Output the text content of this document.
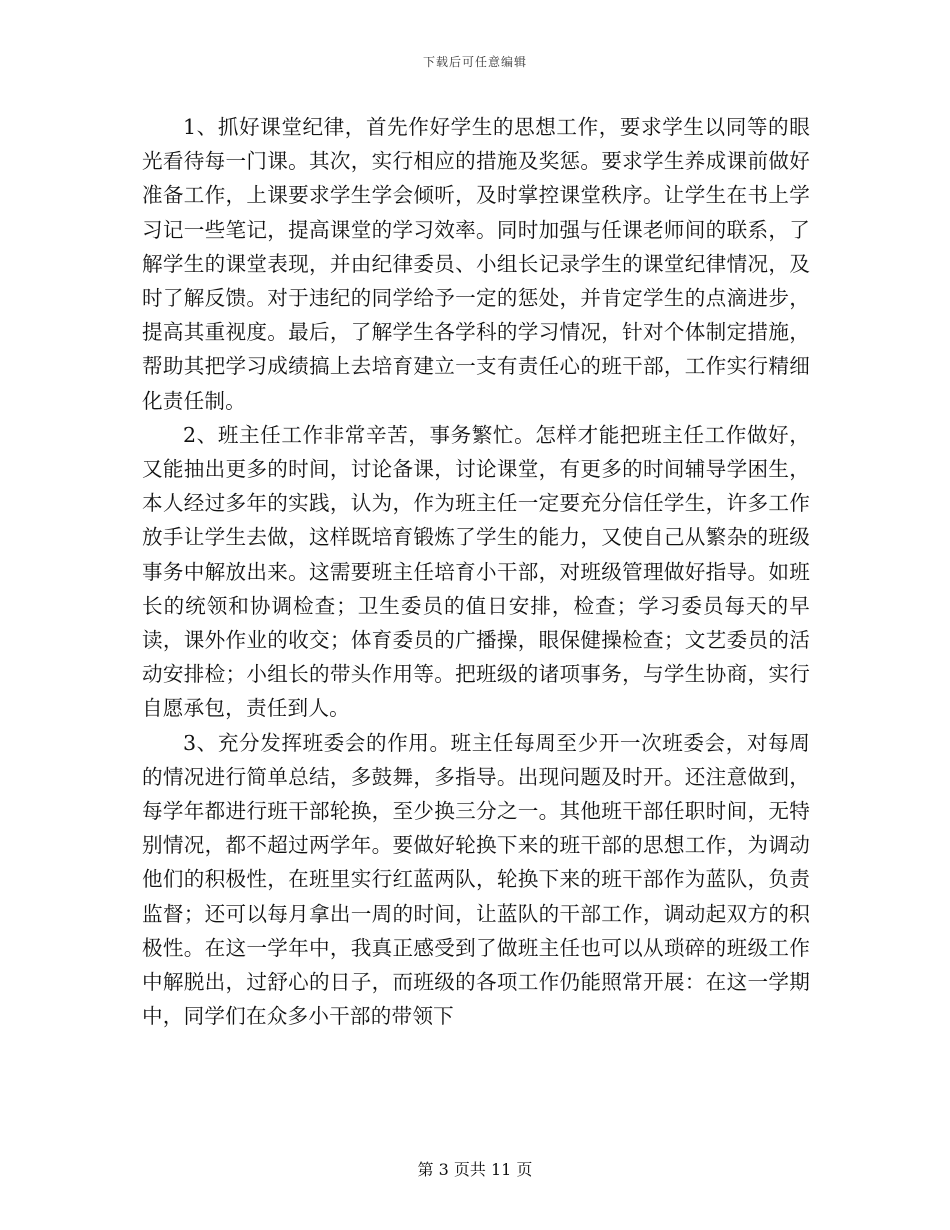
下载后可任意编辑

1、抓好课堂纪律，首先作好学生的思想工作，要求学生以同等的眼光看待每一门课。其次，实行相应的措施及奖惩。要求学生养成课前做好准备工作，上课要求学生学会倾听，及时掌控课堂秩序。让学生在书上学习记一些笔记，提高课堂的学习效率。同时加强与任课老师间的联系，了解学生的课堂表现，并由纪律委员、小组长记录学生的课堂纪律情况，及时了解反馈。对于违纪的同学给予一定的惩处，并肯定学生的点滴进步，提高其重视度。最后，了解学生各学科的学习情况，针对个体制定措施，帮助其把学习成绩搞上去培育建立一支有责任心的班干部，工作实行精细化责任制。

2、班主任工作非常辛苦，事务繁忙。怎样才能把班主任工作做好，又能抽出更多的时间，讨论备课，讨论课堂，有更多的时间辅导学困生，本人经过多年的实践，认为，作为班主任一定要充分信任学生，许多工作放手让学生去做，这样既培育锻炼了学生的能力，又使自己从繁杂的班级事务中解放出来。这需要班主任培育小干部，对班级管理做好指导。如班长的统领和协调检查；卫生委员的值日安排，检查；学习委员每天的早读，课外作业的收交；体育委员的广播操，眼保健操检查；文艺委员的活动安排检；小组长的带头作用等。把班级的诸项事务，与学生协商，实行自愿承包，责任到人。

3、充分发挥班委会的作用。班主任每周至少开一次班委会，对每周的情况进行简单总结，多鼓舞，多指导。出现问题及时开。还注意做到，每学年都进行班干部轮换，至少换三分之一。其他班干部任职时间，无特别情况，都不超过两学年。要做好轮换下来的班干部的思想工作，为调动他们的积极性，在班里实行红蓝两队，轮换下来的班干部作为蓝队，负责监督；还可以每月拿出一周的时间，让蓝队的干部工作，调动起双方的积极性。在这一学年中，我真正感受到了做班主任也可以从琐碎的班级工作中解脱出，过舒心的日子，而班级的各项工作仍能照常开展：在这一学期中，同学们在众多小干部的带领下

第 3 页共 11 页
